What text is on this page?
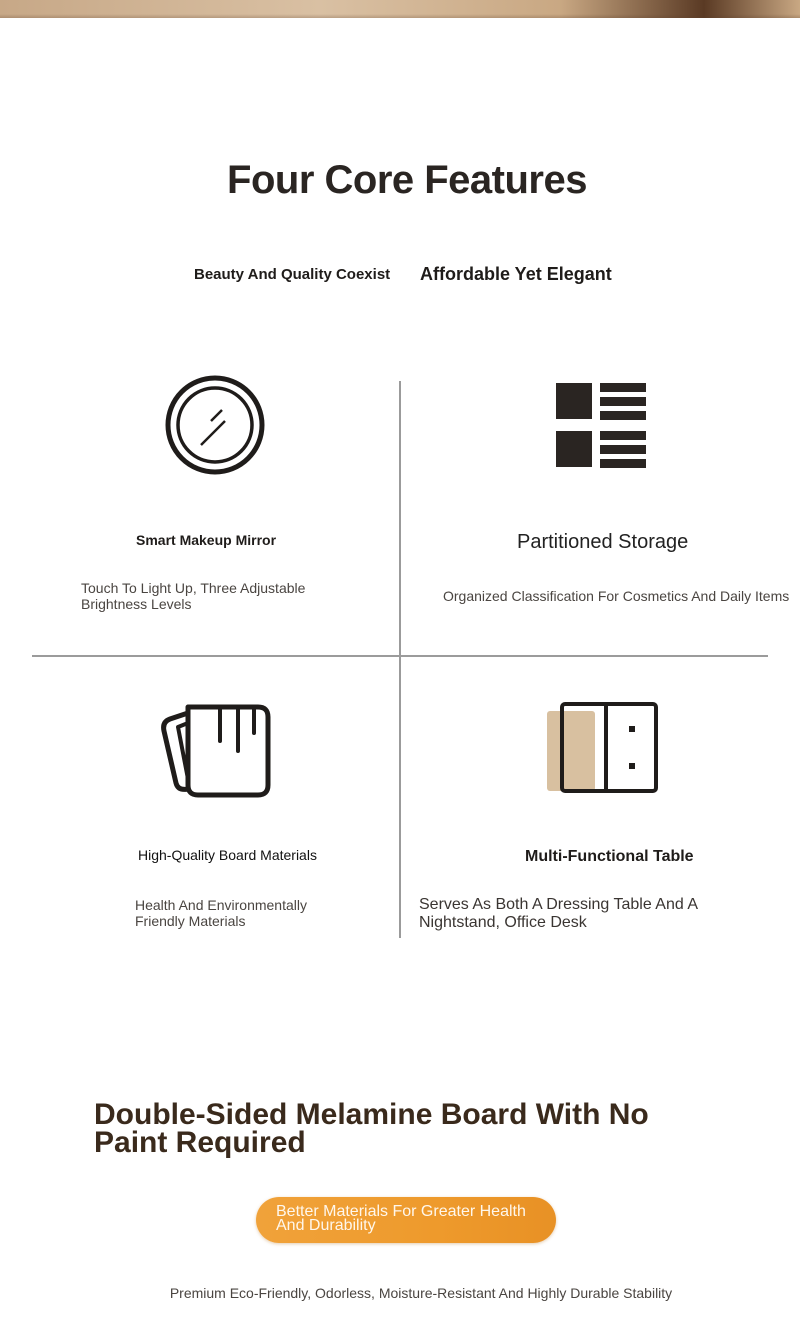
Four Core Features
Beauty And Quality Coexist Affordable Yet Elegant
Smart Makeup Mirror
Touch To Light Up, Three Adjustable Brightness Levels
Partitioned Storage
Organized Classification For Cosmetics And Daily Items
High-Quality Board Materials
Health And Environmentally Friendly Materials
Multi-Functional Table
Serves As Both A Dressing Table And A Nightstand, Office Desk
Double-Sided Melamine Board With No Paint Required
Better Materials For Greater Health And Durability
Premium Eco-Friendly, Odorless, Moisture-Resistant And Highly Durable Stability
